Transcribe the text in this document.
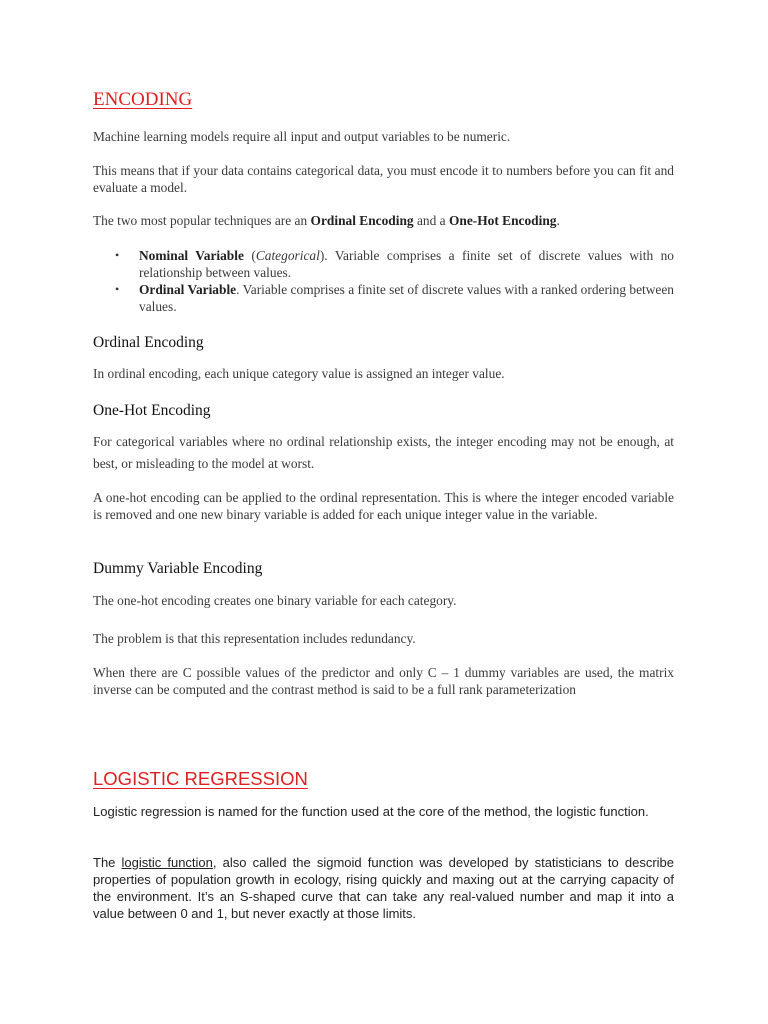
ENCODING

Machine learning models require all input and output variables to be numeric.

This means that if your data contains categorical data, you must encode it to numbers before you can fit and evaluate a model.

The two most popular techniques are an Ordinal Encoding and a One-Hot Encoding.

• Nominal Variable (Categorical). Variable comprises a finite set of discrete values with no relationship between values.
• Ordinal Variable. Variable comprises a finite set of discrete values with a ranked ordering between values.
Ordinal Encoding

In ordinal encoding, each unique category value is assigned an integer value.

One-Hot Encoding

For categorical variables where no ordinal relationship exists, the integer encoding may not be enough, at best, or misleading to the model at worst.

A one-hot encoding can be applied to the ordinal representation. This is where the integer encoded variable is removed and one new binary variable is added for each unique integer value in the variable.

Dummy Variable Encoding

The one-hot encoding creates one binary variable for each category.

The problem is that this representation includes redundancy.

When there are C possible values of the predictor and only C – 1 dummy variables are used, the matrix inverse can be computed and the contrast method is said to be a full rank parameterization

LOGISTIC REGRESSION

Logistic regression is named for the function used at the core of the method, the logistic function.

The logistic function, also called the sigmoid function was developed by statisticians to describe properties of population growth in ecology, rising quickly and maxing out at the carrying capacity of the environment. It’s an S-shaped curve that can take any real-valued number and map it into a value between 0 and 1, but never exactly at those limits.
